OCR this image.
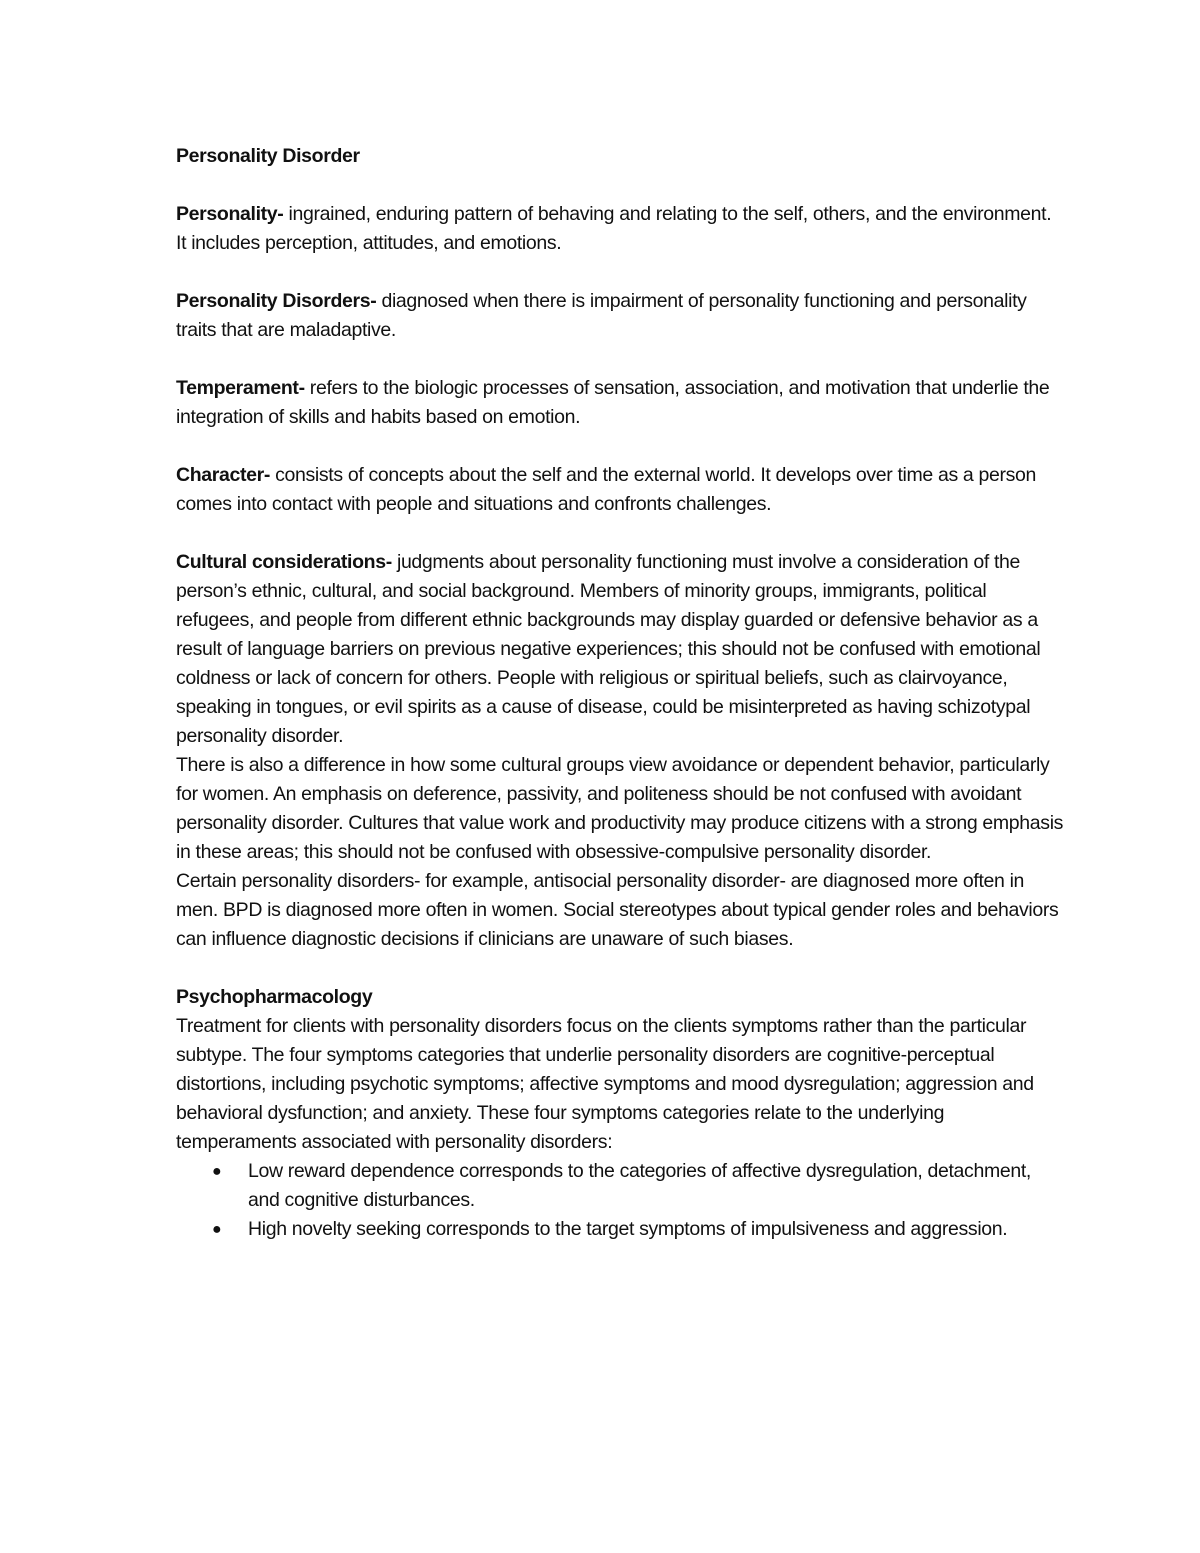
Personality Disorder

Personality- ingrained, enduring pattern of behaving and relating to the self, others, and the environment. It includes perception, attitudes, and emotions.

Personality Disorders- diagnosed when there is impairment of personality functioning and personality traits that are maladaptive.

Temperament- refers to the biologic processes of sensation, association, and motivation that underlie the integration of skills and habits based on emotion.

Character- consists of concepts about the self and the external world. It develops over time as a person comes into contact with people and situations and confronts challenges.

Cultural considerations- judgments about personality functioning must involve a consideration of the person’s ethnic, cultural, and social background. Members of minority groups, immigrants, political refugees, and people from different ethnic backgrounds may display guarded or defensive behavior as a result of language barriers on previous negative experiences; this should not be confused with emotional coldness or lack of concern for others. People with religious or spiritual beliefs, such as clairvoyance, speaking in tongues, or evil spirits as a cause of disease, could be misinterpreted as having schizotypal personality disorder.

There is also a difference in how some cultural groups view avoidance or dependent behavior, particularly for women. An emphasis on deference, passivity, and politeness should be not confused with avoidant personality disorder. Cultures that value work and productivity may produce citizens with a strong emphasis in these areas; this should not be confused with obsessive-compulsive personality disorder.

Certain personality disorders- for example, antisocial personality disorder- are diagnosed more often in men. BPD is diagnosed more often in women. Social stereotypes about typical gender roles and behaviors can influence diagnostic decisions if clinicians are unaware of such biases.

Psychopharmacology

Treatment for clients with personality disorders focus on the clients symptoms rather than the particular subtype. The four symptoms categories that underlie personality disorders are cognitive-perceptual distortions, including psychotic symptoms; affective symptoms and mood dysregulation; aggression and behavioral dysfunction; and anxiety. These four symptoms categories relate to the underlying temperaments associated with personality disorders:

● Low reward dependence corresponds to the categories of affective dysregulation, detachment, and cognitive disturbances.
● High novelty seeking corresponds to the target symptoms of impulsiveness and aggression.
